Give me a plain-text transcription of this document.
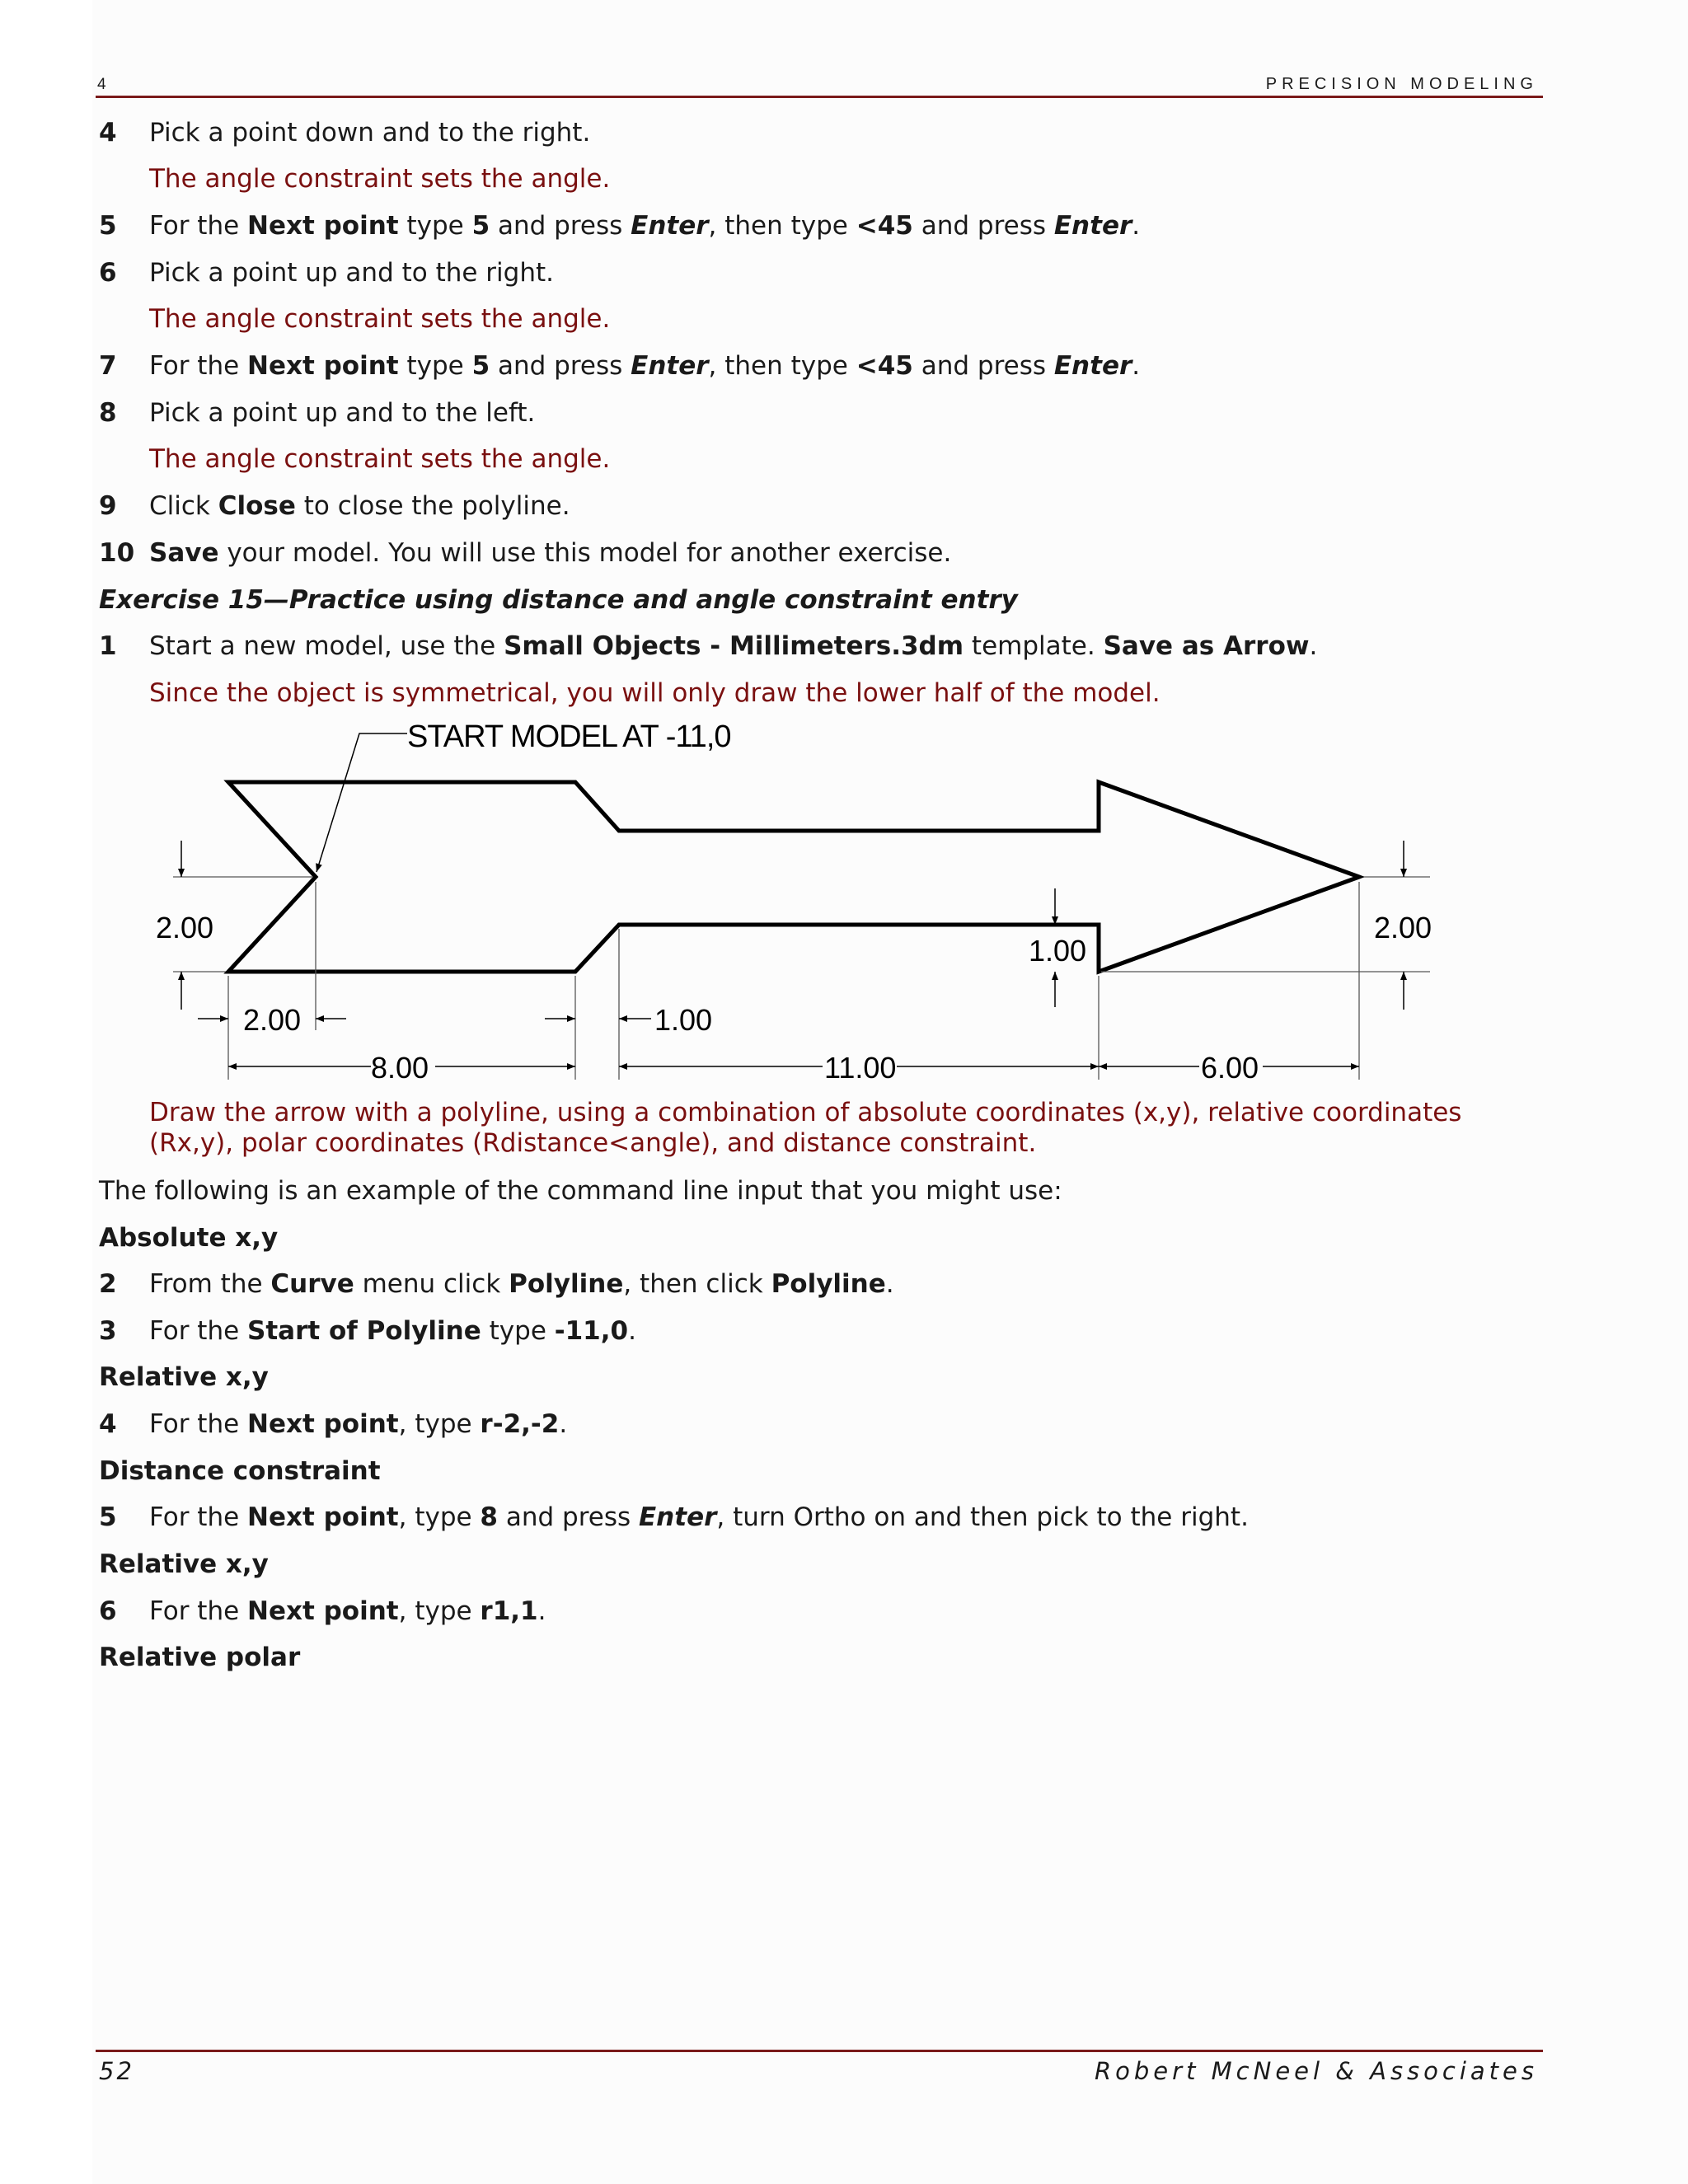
4	PRECISION MODELING
4 Pick a point down and to the right.
The angle constraint sets the angle.
5 For the Next point type 5 and press Enter, then type <45 and press Enter.
6 Pick a point up and to the right.
The angle constraint sets the angle.
7 For the Next point type 5 and press Enter, then type <45 and press Enter.
8 Pick a point up and to the left.
The angle constraint sets the angle.
9 Click Close to close the polyline.
10 Save your model. You will use this model for another exercise.
Exercise 15—Practice using distance and angle constraint entry
1 Start a new model, use the Small Objects - Millimeters.3dm template. Save as Arrow.
Since the object is symmetrical, you will only draw the lower half of the model.
START MODEL AT -11,0
2.00	2.00
1.00
2.00	1.00
8.00	11.00	6.00
Draw the arrow with a polyline, using a combination of absolute coordinates (x,y), relative coordinates
(Rx,y), polar coordinates (Rdistance<angle), and distance constraint.
The following is an example of the command line input that you might use:
Absolute x,y
2 From the Curve menu click Polyline, then click Polyline.
3 For the Start of Polyline type -11,0.
Relative x,y
4 For the Next point, type r-2,-2.
Distance constraint
5 For the Next point, type 8 and press Enter, turn Ortho on and then pick to the right.
Relative x,y
6 For the Next point, type r1,1.
Relative polar
52	Robert McNeel & Associates
